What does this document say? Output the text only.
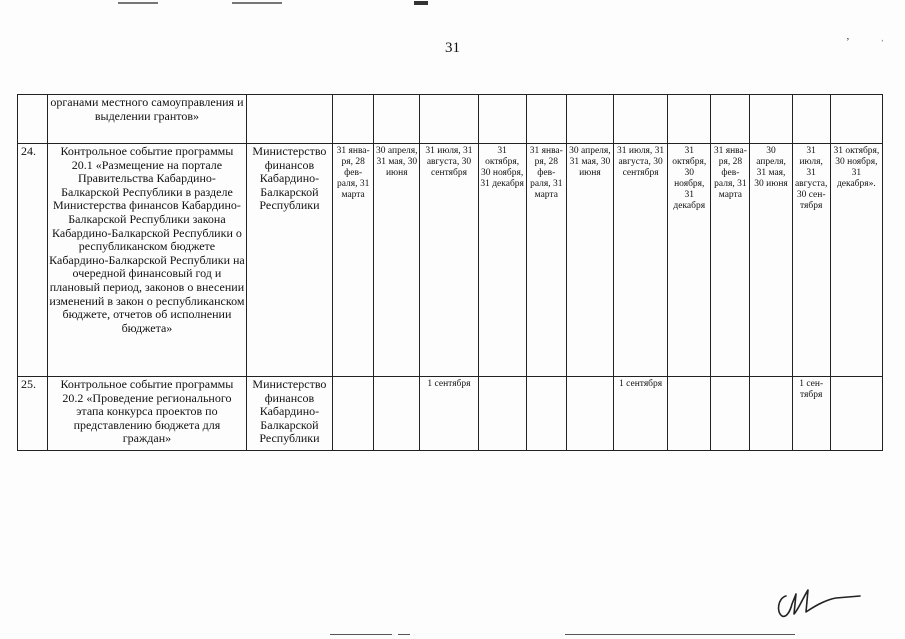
31
‚ ˌ
	органами местного самоуправления и выделении грантов»													
24.	Контрольное событие программы 20.1 «Размещение на портале Правительства Кабардино-Балкарской Республики в разделе Министерства финансов Кабардино-Балкарской Республики закона Кабардино-Балкарской Республики о республиканском бюджете Кабардино-Балкарской Республики на очередной финансовый год и плановый период, законов о внесении изменений в закон о республиканском бюджете, отчетов об исполнении бюджета»	Министерство финансов Кабардино-Балкарской Республики	31 янва-ря, 28 фев-раля, 31 марта	30 апреля, 31 мая, 30 июня	31 июля, 31 августа, 30 сентября	31 октября, 30 ноября, 31 декабря	31 янва-ря, 28 фев-раля, 31 марта	30 апреля, 31 мая, 30 июня	31 июля, 31 августа, 30 сентября	31 октября, 30 ноября, 31 декабря	31 янва-ря, 28 фев-раля, 31 марта	30 апреля, 31 мая, 30 июня	31 июля, 31 августа, 30 сен-тября	31 октября, 30 ноября, 31 декабря».
25.	Контрольное событие программы 20.2 «Проведение регионального этапа конкурса проектов по представлению бюджета для граждан»	Министерство финансов Кабардино-Балкарской Республики			1 сентября				1 сентября				1 сен-тября	
